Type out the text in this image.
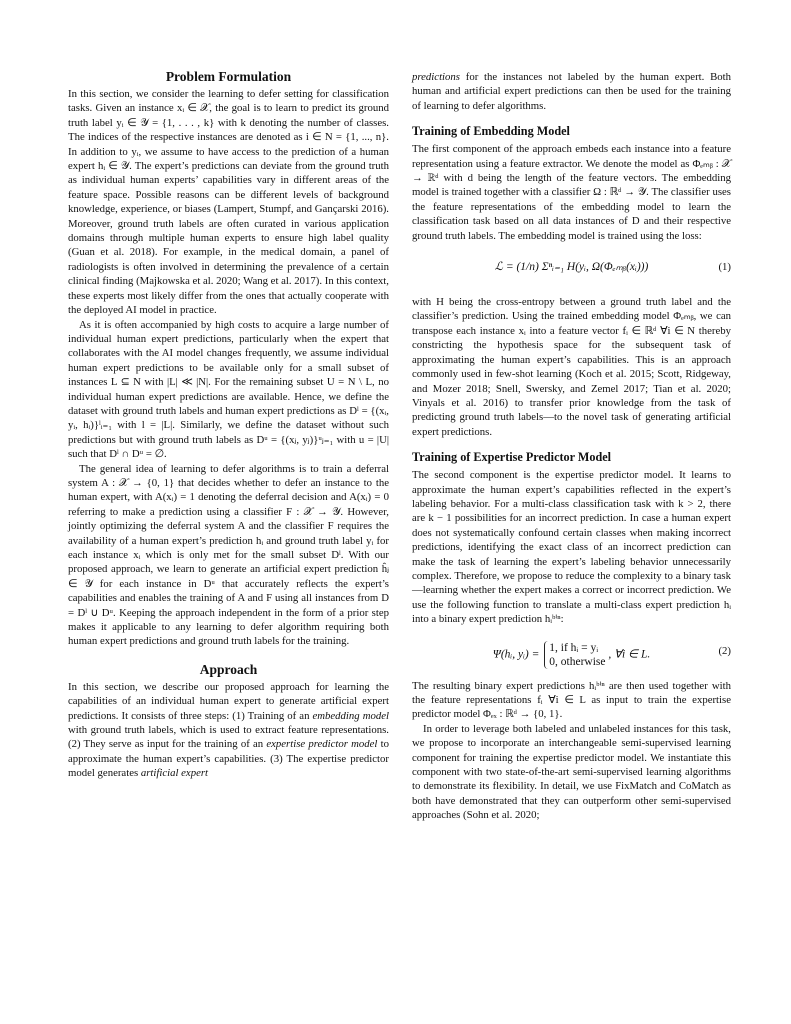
Problem Formulation

In this section, we consider the learning to defer setting for classification tasks. Given an instance xᵢ ∈ 𝒳, the goal is to learn to predict its ground truth label yᵢ ∈ 𝒴 = {1, . . . , k} with k denoting the number of classes. The indices of the respective instances are denoted as i ∈ N = {1, ..., n}. In addition to yᵢ, we assume to have access to the prediction of a human expert hᵢ ∈ 𝒴. The expert’s predictions can deviate from the ground truth as individual human experts’ capabilities vary in different areas of the feature space. Possible reasons can be different levels of background knowledge, experience, or biases (Lampert, Stumpf, and Gançarski 2016). Moreover, ground truth labels are often curated in various application domains through multiple human experts to ensure high label quality (Guan et al. 2018). For example, in the medical domain, a panel of radiologists is often involved in determining the prevalence of a certain clinical finding (Majkowska et al. 2020; Wang et al. 2017). In this context, these experts most likely differ from the ones that actually cooperate with the deployed AI model in practice.

As it is often accompanied by high costs to acquire a large number of individual human expert predictions, particularly when the expert that collaborates with the AI model changes frequently, we assume individual human expert predictions to be available only for a small subset of instances L ⊆ N with |L| ≪ |N|. For the remaining subset U = N \ L, no individual human expert predictions are available. Hence, we define the dataset with ground truth labels and human expert predictions as Dˡ = {(xᵢ, yᵢ, hᵢ)}ˡᵢ₌₁ with l = |L|. Similarly, we define the dataset without such predictions but with ground truth labels as Dᵘ = {(xⱼ, yⱼ)}ᵘⱼ₌₁ with u = |U| such that Dˡ ∩ Dᵘ = ∅.

The general idea of learning to defer algorithms is to train a deferral system A : 𝒳 → {0, 1} that decides whether to defer an instance to the human expert, with A(xᵢ) = 1 denoting the deferral decision and A(xᵢ) = 0 referring to make a prediction using a classifier F : 𝒳 → 𝒴. However, jointly optimizing the deferral system A and the classifier F requires the availability of a human expert’s prediction hᵢ and ground truth label yᵢ for each instance xᵢ which is only met for the small subset Dˡ. With our proposed approach, we learn to generate an artificial expert prediction ĥⱼ ∈ 𝒴 for each instance in Dᵘ that accurately reflects the expert’s capabilities and enables the training of A and F using all instances from D = Dˡ ∪ Dᵘ. Keeping the approach independent in the form of a prior step makes it applicable to any learning to defer algorithm requiring both human expert predictions and ground truth labels for the training.

Approach

In this section, we describe our proposed approach for learning the capabilities of an individual human expert to generate artificial expert predictions. It consists of three steps: (1) Training of an embedding model with ground truth labels, which is used to extract feature representations. (2) They serve as input for the training of an expertise predictor model to approximate the human expert’s capabilities. (3) The expertise predictor model generates artificial expert

predictions for the instances not labeled by the human expert. Both human and artificial expert predictions can then be used for the training of learning to defer algorithms.

Training of Embedding Model

The first component of the approach embeds each instance into a feature representation using a feature extractor. We denote the model as Φₑₘᵦ : 𝒳 → ℝᵈ with d being the length of the feature vectors. The embedding model is trained together with a classifier Ω : ℝᵈ → 𝒴. The classifier uses the feature representations of the embedding model to learn the classification task based on all data instances of D and their respective ground truth labels. The embedding model is trained using the loss:

ℒ = (1/n) Σⁿᵢ₌₁ H(yᵢ, Ω(Φₑₘᵦ(xᵢ)))	(1)

with H being the cross-entropy between a ground truth label and the classifier’s prediction. Using the trained embedding model Φₑₘᵦ, we can transpose each instance xᵢ into a feature vector fᵢ ∈ ℝᵈ ∀i ∈ N thereby constricting the hypothesis space for the subsequent task of approximating the human expert’s capabilities. This is an approach commonly used in few-shot learning (Koch et al. 2015; Scott, Ridgeway, and Mozer 2018; Snell, Swersky, and Zemel 2017; Tian et al. 2020; Vinyals et al. 2016) to transfer prior knowledge from the task of predicting ground truth labels—to the novel task of generating artificial expert predictions.

Training of Expertise Predictor Model

The second component is the expertise predictor model. It learns to approximate the human expert’s capabilities reflected in the expert’s labeling behavior. For a multi-class classification task with k > 2, there are k − 1 possibilities for an incorrect prediction. In case a human expert does not systematically confound certain classes when making incorrect predictions, identifying the exact class of an incorrect prediction can make the task of learning the expert’s labeling behavior unnecessarily complex. Therefore, we propose to reduce the complexity to a binary task—learning whether the expert makes a correct or incorrect prediction. We use the following function to translate a multi-class expert prediction hᵢ into a binary expert prediction hᵢᵇⁱⁿ:

Ψ(hᵢ, yᵢ) = 1, if hᵢ = yᵢ
0, otherwise , ∀i ∈ L.	(2)

The resulting binary expert predictions hᵢᵇⁱⁿ are then used together with the feature representations fᵢ ∀i ∈ L as input to train the expertise predictor model Φₑₓ : ℝᵈ → {0, 1}.

In order to leverage both labeled and unlabeled instances for this task, we propose to incorporate an interchangeable semi-supervised learning component for training the expertise predictor model. We instantiate this component with two state-of-the-art semi-supervised learning algorithms to demonstrate its flexibility. In detail, we use FixMatch and CoMatch as both have demonstrated that they can outperform other semi-supervised approaches (Sohn et al. 2020;
